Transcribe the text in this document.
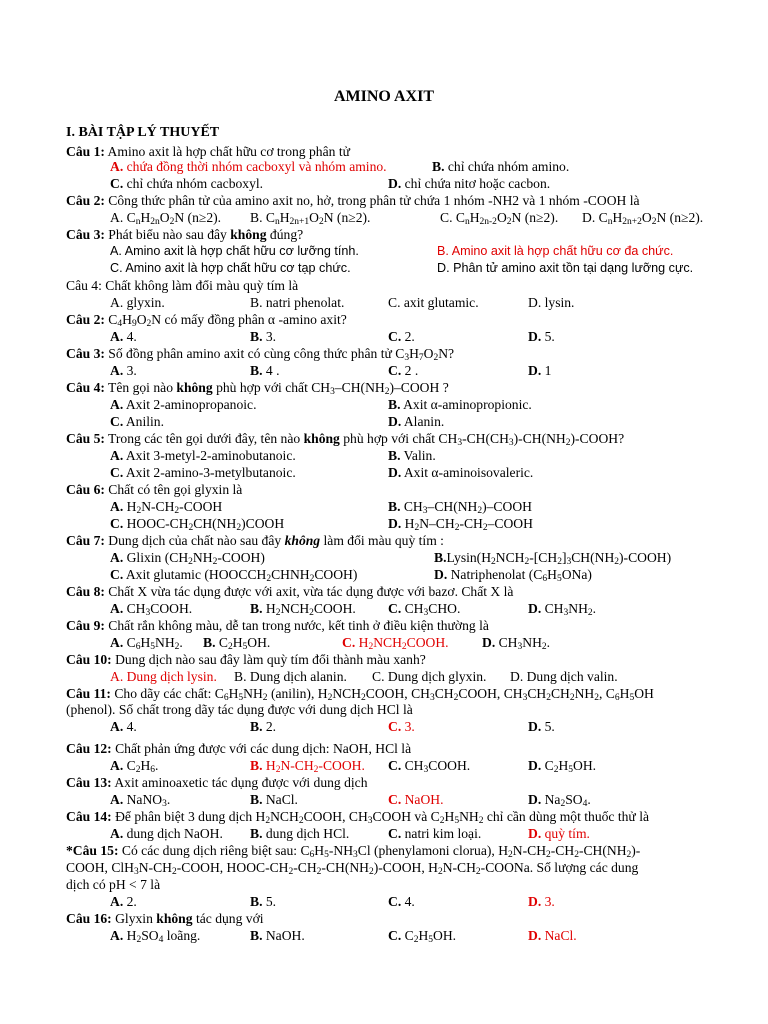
AMINO AXIT
I. BÀI TẬP LÝ THUYẾT
Câu 1: Amino axit là hợp chất hữu cơ trong phân tử
A. chứa đồng thời nhóm cacboxyl và nhóm amino.	B. chỉ chứa nhóm amino.
C. chỉ chứa nhóm cacboxyl.	D. chỉ chứa nitơ hoặc cacbon.
Câu 2: Công thức phân tử của amino axit no, hở, trong phân tử chứa 1 nhóm -NH2 và 1 nhóm -COOH là
A. $C_nH_{2n}O_2N$ (n≥2). B. $C_nH_{2n+1}O_2N$ (n≥2).	C. $C_nH_{2n-2}O_2N$ (n≥2). D. $C_nH_{2n+2}O_2N$ (n≥2).
Câu 3: Phát biểu nào sau đây không đúng?
A. Amino axit là hợp chất hữu cơ lưỡng tính.	B. Amino axit là hợp chất hữu cơ đa chức.
C. Amino axit là hợp chất hữu cơ tạp chức.	D. Phân tử amino axit tồn tại dạng lưỡng cực.
Câu 4: Chất không làm đổi màu quỳ tím là
A. glyxin.	B. natri phenolat.	C. axit glutamic.	D. lysin.
Câu 2: $C_4H_9O_2N$ có mấy đồng phân α -amino axit?
A. 4.	B. 3.	C. 2.	D. 5.
Câu 3: Số đồng phân amino axit có cùng công thức phân tử $C_3H_7O_2N$?
A. 3.	B. 4 .	C. 2 .	D. 1
Câu 4: Tên gọi nào không phù hợp với chất $CH_3-CH(NH_2)$–COOH ?
A. Axit 2-aminopropanoic.	B. Axit α-aminopropionic.
C. Anilin.	D. Alanin.
Câu 5: Trong các tên gọi dưới đây, tên nào không phù hợp với chất $CH_3-CH(CH_3)-CH(NH_2)$-COOH?
A. Axit 3-metyl-2-aminobutanoic.	B. Valin.
C. Axit 2-amino-3-metylbutanoic.	D. Axit α-aminoisovaleric.
Câu 6: Chất có tên gọi glyxin là
A. $H_2N-CH_2$-COOH	B. $CH_3-CH(NH_2)$–COOH
C. HOOC-$CH_2CH(NH_2)COOH$	D. $H_2N-CH_2-CH_2$–COOH
Câu 7: Dung dịch của chất nào sau đây không làm đổi màu quỳ tím :
A. Glixin $(CH_2NH_2-COOH)$	$B.Lysin(H_2NCH_2-[CH_2]_3CH(NH_2)-COOH)$
C. Axit glutamic $(HOOCCH_2CHNH_2COOH)$	D. Natriphenolat $(C_6H_5ONa)$
Câu 8: Chất X vừa tác dụng được với axit, vừa tác dụng được với bazơ. Chất X là
A. $CH_3COOH$.	B. $H_2NCH_2COOH$. C. $CH_3CHO$.	D. $CH_3NH_2$.
Câu 9: Chất rắn không màu, dễ tan trong nước, kết tinh ở điều kiện thường là
A. $C_6H_5NH_2$. B. $C_2H_5OH$.	C. $H_2NCH_2COOH$. D. $CH_3NH_2$.
Câu 10: Dung dịch nào sau đây làm quỳ tím đổi thành màu xanh?
A. Dung dịch lysin. B. Dung dịch alanin. C. Dung dịch glyxin. D. Dung dịch valin.
Câu 11: Cho dãy các chất: $C_6H_5NH_2$ (anilin), $H_2NCH_2COOH$, $CH_3CH_2COOH$, $CH_3CH_2CH_2NH_2$, $C_6H_5OH$
(phenol). Số chất trong dãy tác dụng được với dung dịch HCl là
A. 4.	B. 2.	C. 3.	D. 5.
Câu 12: Chất phản ứng được với các dung dịch: NaOH, HCl là
A. $C_2H_6$.	B. $H_2N-CH_2$-COOH. C. $CH_3COOH$.	D. $C_2H_5OH$.
Câu 13: Axit aminoaxetic tác dụng được với dung dịch
A. NaNO$_3$.	B. NaCl.	C. NaOH.	D. $Na_2SO_4$.
Câu 14: Để phân biệt 3 dung dịch $H_2NCH_2COOH$, $CH_3COOH$ và $C_2H_5NH_2$ chỉ cần dùng một thuốc thử là
A. dung dịch NaOH. B. dung dịch HCl.	C. natri kim loại.	D. quỳ tím.
*Câu 15: Có các dung dịch riêng biệt sau: $C_6H_5-NH_3Cl$ (phenylamoni clorua), $H_2N-CH_2-CH_2-CH(NH_2)-$
COOH, $ClH_3N-CH_2$-COOH, HOOC-$CH_2-CH_2-CH(NH_2)$-COOH, $H_2N-CH_2$-COONa. Số lượng các dung
dịch có pH < 7 là
A. 2.	B. 5.	C. 4.	D. 3.
Câu 16: Glyxin không tác dụng với
A. $H_2SO_4$ loãng.	B. NaOH.	C. $C_2H_5OH$.	D. NaCl.
